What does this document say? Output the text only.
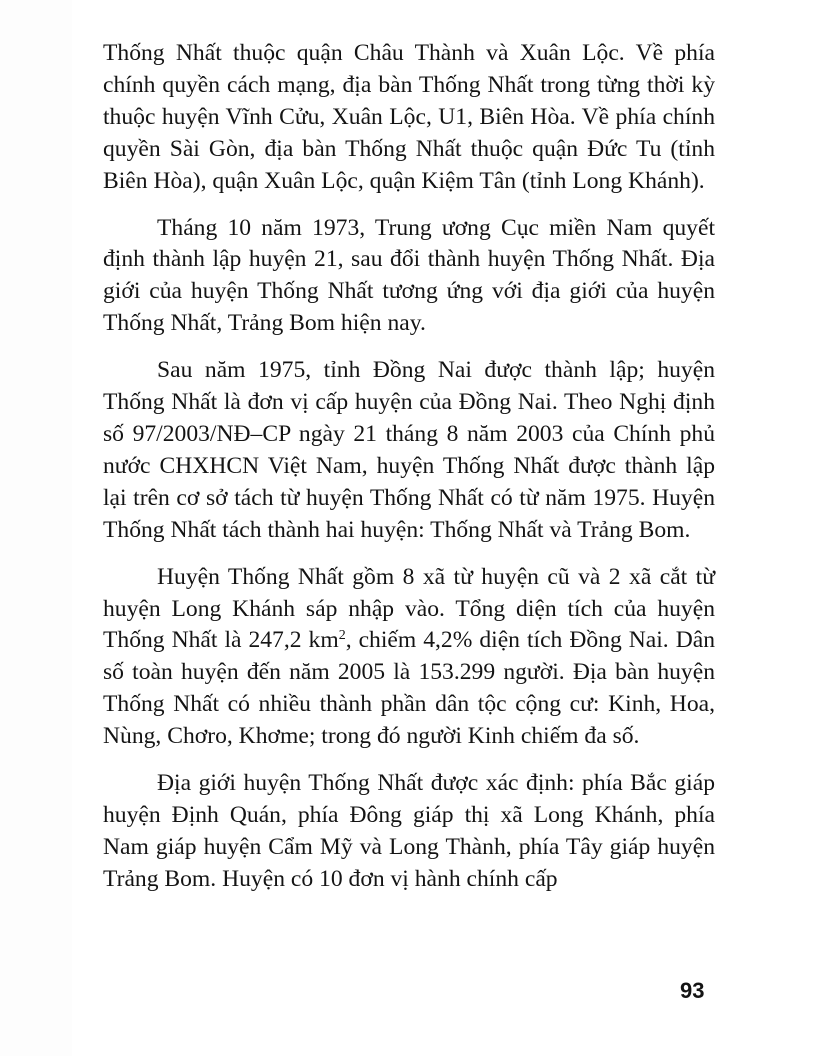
Thống Nhất thuộc quận Châu Thành và Xuân Lộc. Về phía chính quyền cách mạng, địa bàn Thống Nhất trong từng thời kỳ thuộc huyện Vĩnh Cửu, Xuân Lộc, U1, Biên Hòa. Về phía chính quyền Sài Gòn, địa bàn Thống Nhất thuộc quận Đức Tu (tỉnh Biên Hòa), quận Xuân Lộc, quận Kiệm Tân (tỉnh Long Khánh).

Tháng 10 năm 1973, Trung ương Cục miền Nam quyết định thành lập huyện 21, sau đổi thành huyện Thống Nhất. Địa giới của huyện Thống Nhất tương ứng với địa giới của huyện Thống Nhất, Trảng Bom hiện nay.

Sau năm 1975, tỉnh Đồng Nai được thành lập; huyện Thống Nhất là đơn vị cấp huyện của Đồng Nai. Theo Nghị định số 97/2003/NĐ–CP ngày 21 tháng 8 năm 2003 của Chính phủ nước CHXHCN Việt Nam, huyện Thống Nhất được thành lập lại trên cơ sở tách từ huyện Thống Nhất có từ năm 1975. Huyện Thống Nhất tách thành hai huyện: Thống Nhất và Trảng Bom.

Huyện Thống Nhất gồm 8 xã từ huyện cũ và 2 xã cắt từ huyện Long Khánh sáp nhập vào. Tổng diện tích của huyện Thống Nhất là 247,2 $km^2$, chiếm 4,2% diện tích Đồng Nai. Dân số toàn huyện đến năm 2005 là 153.299 người. Địa bàn huyện Thống Nhất có nhiều thành phần dân tộc cộng cư: Kinh, Hoa, Nùng, Chơro, Khơme; trong đó người Kinh chiếm đa số.

Địa giới huyện Thống Nhất được xác định: phía Bắc giáp huyện Định Quán, phía Đông giáp thị xã Long Khánh, phía Nam giáp huyện Cẩm Mỹ và Long Thành, phía Tây giáp huyện Trảng Bom. Huyện có 10 đơn vị hành chính cấp

93
